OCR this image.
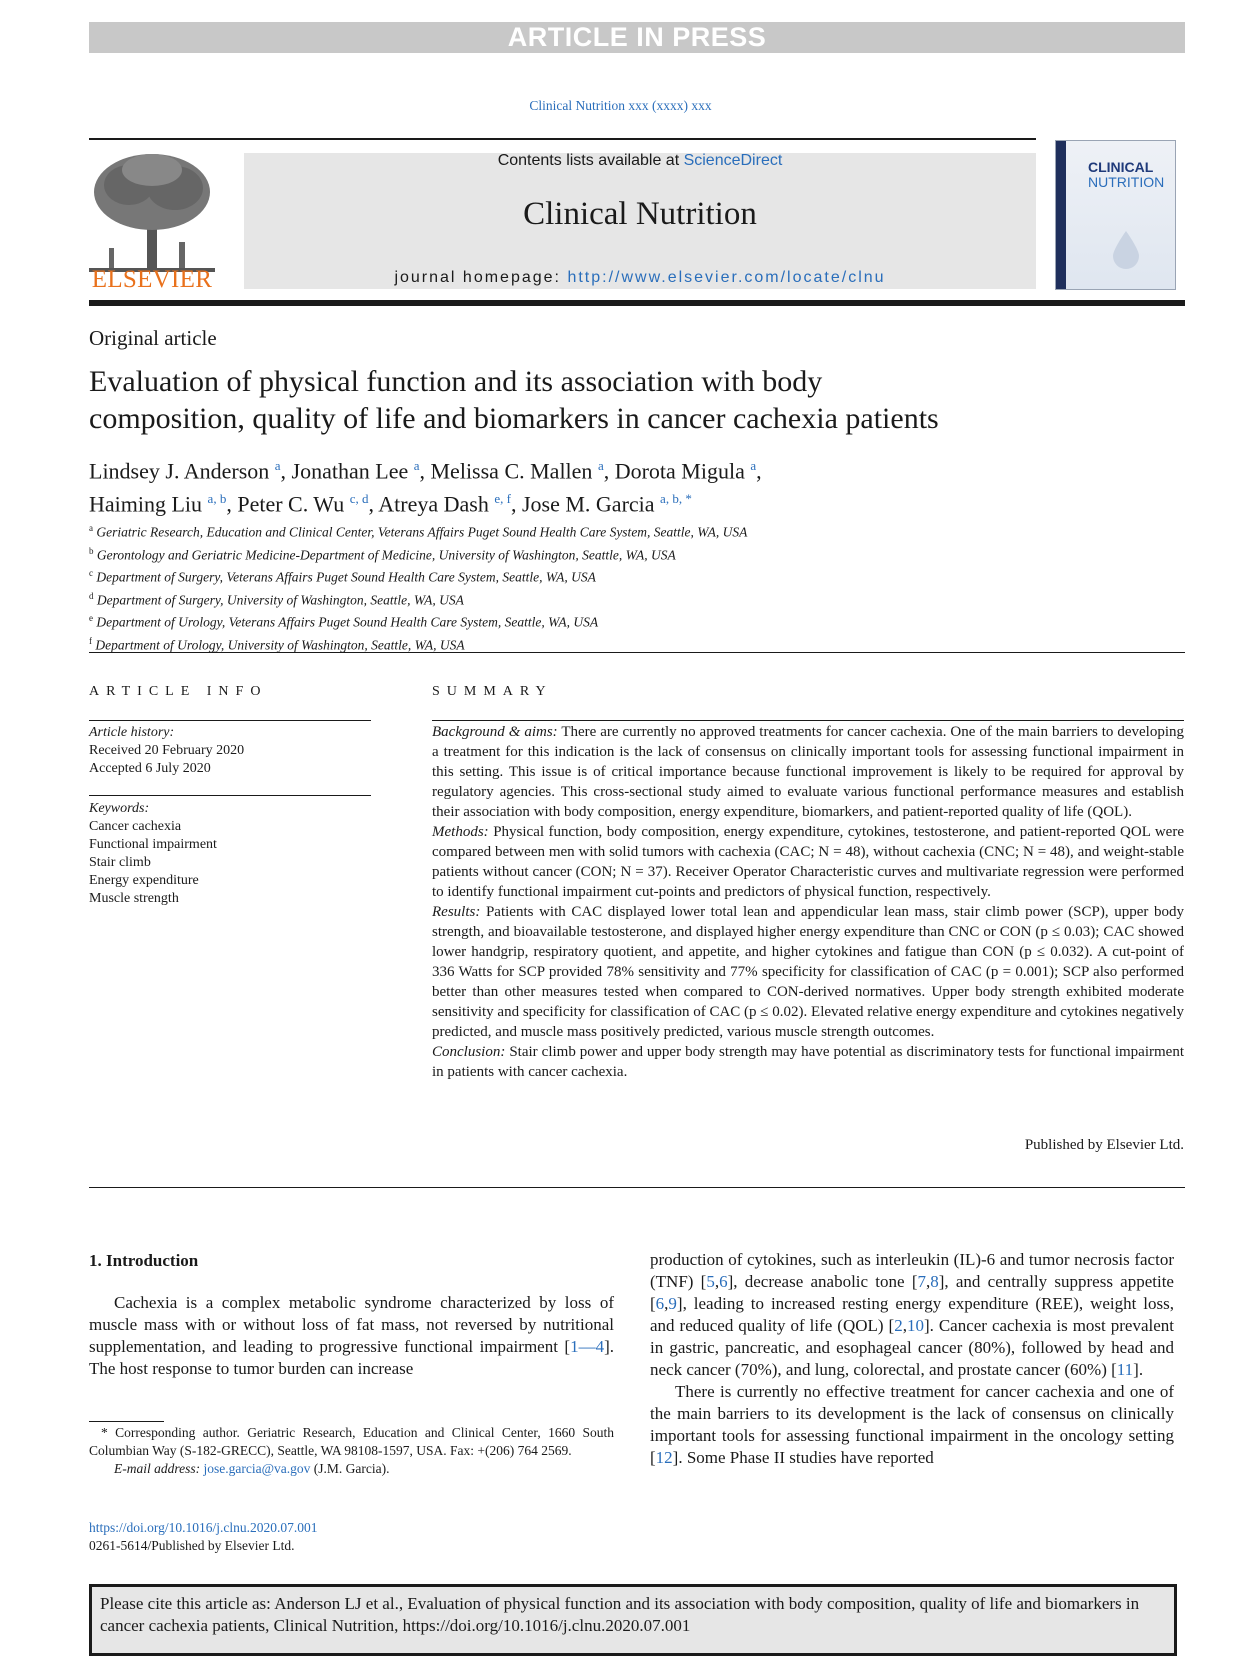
ARTICLE IN PRESS
Clinical Nutrition xxx (xxxx) xxx
ELSEVIER
Contents lists available at ScienceDirect
Clinical Nutrition
journal homepage: http://www.elsevier.com/locate/clnu
CLINICAL
NUTRITION
Original article
Evaluation of physical function and its association with body
composition, quality of life and biomarkers in cancer cachexia patients
Lindsey J. Anderson $^a$, Jonathan Lee $^a$, Melissa C. Mallen $^a$, Dorota Migula $^a$,
Haiming Liu $^{a, b}$, Peter C. Wu $^{c, d}$, Atreya Dash $^{e, f}$, Jose M. Garcia $^{a, b, *}$
$^a$ Geriatric Research, Education and Clinical Center, Veterans Affairs Puget Sound Health Care System, Seattle, WA, USA
$^b$ Gerontology and Geriatric Medicine-Department of Medicine, University of Washington, Seattle, WA, USA
$^c$ Department of Surgery, Veterans Affairs Puget Sound Health Care System, Seattle, WA, USA
$^d$ Department of Surgery, University of Washington, Seattle, WA, USA
$^e$ Department of Urology, Veterans Affairs Puget Sound Health Care System, Seattle, WA, USA
$^f$ Department of Urology, University of Washington, Seattle, WA, USA
ARTICLE INFO
Article history:
Received 20 February 2020
Accepted 6 July 2020
Keywords:
Cancer cachexia
Functional impairment
Stair climb
Energy expenditure
Muscle strength
SUMMARY

Background & aims: There are currently no approved treatments for cancer cachexia. One of the main barriers to developing a treatment for this indication is the lack of consensus on clinically important tools for assessing functional impairment in this setting. This issue is of critical importance because functional improvement is likely to be required for approval by regulatory agencies. This cross-sectional study aimed to evaluate various functional performance measures and establish their association with body composition, energy expenditure, biomarkers, and patient-reported quality of life (QOL).

Methods: Physical function, body composition, energy expenditure, cytokines, testosterone, and patient-reported QOL were compared between men with solid tumors with cachexia (CAC; N = 48), without cachexia (CNC; N = 48), and weight-stable patients without cancer (CON; N = 37). Receiver Operator Characteristic curves and multivariate regression were performed to identify functional impairment cut-points and predictors of physical function, respectively.

Results: Patients with CAC displayed lower total lean and appendicular lean mass, stair climb power (SCP), upper body strength, and bioavailable testosterone, and displayed higher energy expenditure than CNC or CON (p ≤ 0.03); CAC showed lower handgrip, respiratory quotient, and appetite, and higher cytokines and fatigue than CON (p ≤ 0.032). A cut-point of 336 Watts for SCP provided 78% sensitivity and 77% specificity for classification of CAC (p = 0.001); SCP also performed better than other measures tested when compared to CON-derived normatives. Upper body strength exhibited moderate sensitivity and specificity for classification of CAC (p ≤ 0.02). Elevated relative energy expenditure and cytokines negatively predicted, and muscle mass positively predicted, various muscle strength outcomes.

Conclusion: Stair climb power and upper body strength may have potential as discriminatory tests for functional impairment in patients with cancer cachexia.

Published by Elsevier Ltd.
1. Introduction

Cachexia is a complex metabolic syndrome characterized by loss of muscle mass with or without loss of fat mass, not reversed by nutritional supplementation, and leading to progressive functional impairment [1—4]. The host response to tumor burden can increase

* Corresponding author. Geriatric Research, Education and Clinical Center, 1660 South Columbian Way (S-182-GRECC), Seattle, WA 98108-1597, USA. Fax: +(206) 764 2569.

E-mail address: jose.garcia@va.gov (J.M. Garcia).

https://doi.org/10.1016/j.clnu.2020.07.001
0261-5614/Published by Elsevier Ltd.

production of cytokines, such as interleukin (IL)-6 and tumor necrosis factor (TNF) [5,6], decrease anabolic tone [7,8], and centrally suppress appetite [6,9], leading to increased resting energy expenditure (REE), weight loss, and reduced quality of life (QOL) [2,10]. Cancer cachexia is most prevalent in gastric, pancreatic, and esophageal cancer (80%), followed by head and neck cancer (70%), and lung, colorectal, and prostate cancer (60%) [11].

There is currently no effective treatment for cancer cachexia and one of the main barriers to its development is the lack of consensus on clinically important tools for assessing functional impairment in the oncology setting [12]. Some Phase II studies have reported

Please cite this article as: Anderson LJ et al., Evaluation of physical function and its association with body composition, quality of life and biomarkers in cancer cachexia patients, Clinical Nutrition, https://doi.org/10.1016/j.clnu.2020.07.001
